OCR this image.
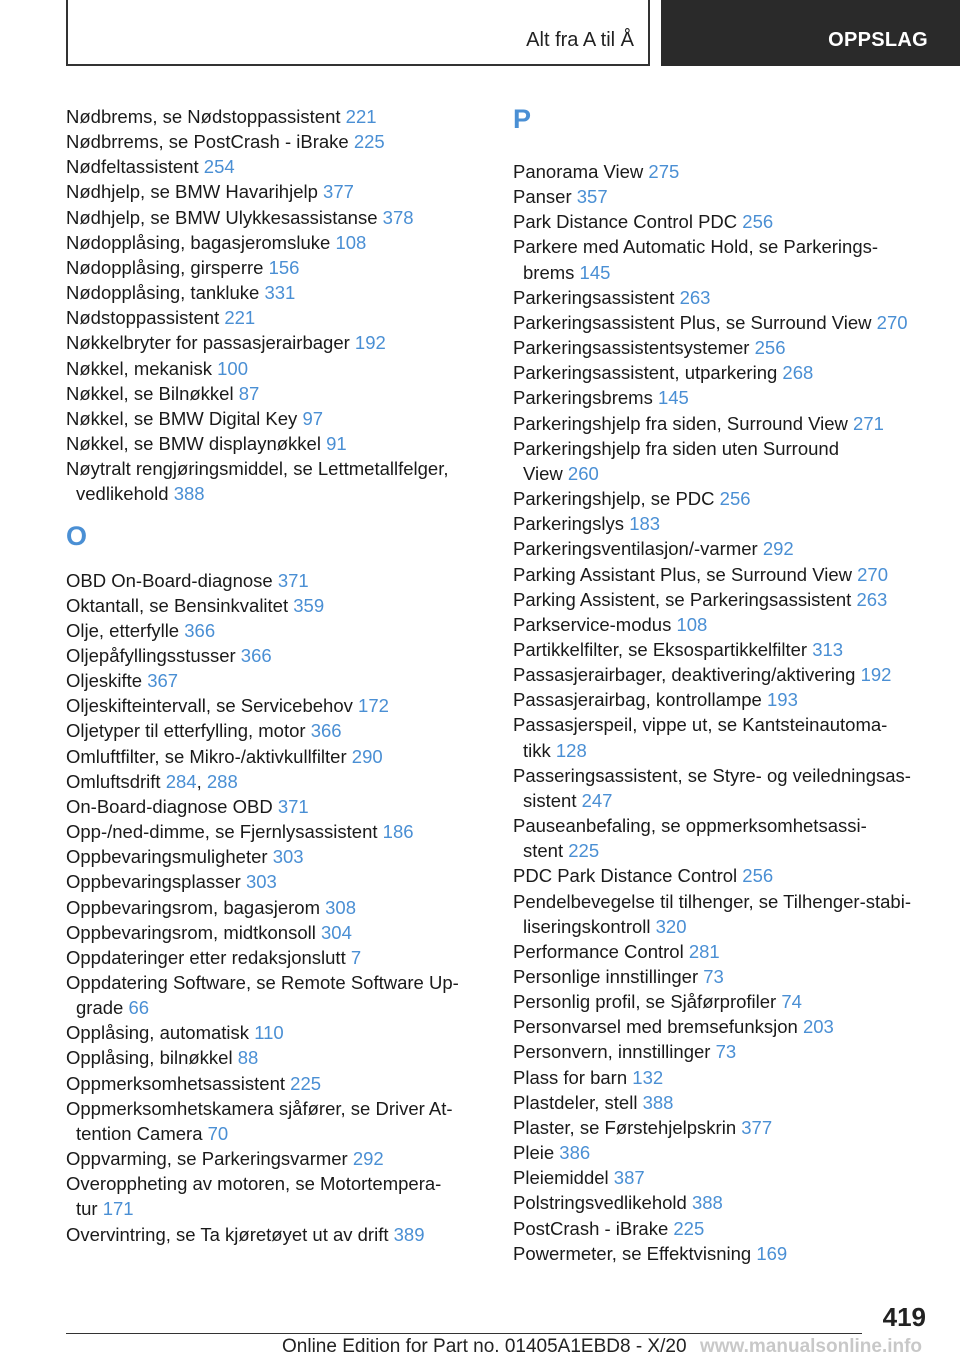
Alt fra A til Å	OPPSLAG
Nødbrems, se Nødstoppassistent 221
Nødbrrems, se PostCrash - iBrake 225
Nødfeltassistent 254
Nødhjelp, se BMW Havarihjelp 377
Nødhjelp, se BMW Ulykkesassistanse 378
Nødopplåsing, bagasjeromsluke 108
Nødopplåsing, girsperre 156
Nødopplåsing, tankluke 331
Nødstoppassistent 221
Nøkkelbryter for passasjerairbager 192
Nøkkel, mekanisk 100
Nøkkel, se Bilnøkkel 87
Nøkkel, se BMW Digital Key 97
Nøkkel, se BMW displaynøkkel 91
Nøytralt rengjøringsmiddel, se Lettmetallfelger,
vedlikehold 388
O
OBD On-Board-diagnose 371
Oktantall, se Bensinkvalitet 359
Olje, etterfylle 366
Oljepåfyllingsstusser 366
Oljeskifte 367
Oljeskifteintervall, se Servicebehov 172
Oljetyper til etterfylling, motor 366
Omluftfilter, se Mikro-/aktivkullfilter 290
Omluftsdrift 284, 288
On-Board-diagnose OBD 371
Opp-/ned-dimme, se Fjernlysassistent 186
Oppbevaringsmuligheter 303
Oppbevaringsplasser 303
Oppbevaringsrom, bagasjerom 308
Oppbevaringsrom, midtkonsoll 304
Oppdateringer etter redaksjonslutt 7
Oppdatering Software, se Remote Software Up‐
grade 66
Opplåsing, automatisk 110
Opplåsing, bilnøkkel 88
Oppmerksomhetsassistent 225
Oppmerksomhetskamera sjåfører, se Driver At‐
tention Camera 70
Oppvarming, se Parkeringsvarmer 292
Overoppheting av motoren, se Motortempera‐
tur 171
Overvintring, se Ta kjøretøyet ut av drift 389
P
Panorama View 275
Panser 357
Park Distance Control PDC 256
Parkere med Automatic Hold, se Parkerings‐
brems 145
Parkeringsassistent 263
Parkeringsassistent Plus, se Surround View 270
Parkeringsassistentsystemer 256
Parkeringsassistent, utparkering 268
Parkeringsbrems 145
Parkeringshjelp fra siden, Surround View 271
Parkeringshjelp fra siden uten Surround
View 260
Parkeringshjelp, se PDC 256
Parkeringslys 183
Parkeringsventilasjon/-varmer 292
Parking Assistant Plus, se Surround View 270
Parking Assistent, se Parkeringsassistent 263
Parkservice-modus 108
Partikkelfilter, se Eksospartikkelfilter 313
Passasjerairbager, deaktivering/aktivering 192
Passasjerairbag, kontrollampe 193
Passasjerspeil, vippe ut, se Kantsteinautoma‐
tikk 128
Passeringsassistent, se Styre- og veiledningsas‐
sistent 247
Pauseanbefaling, se oppmerksomhetsassi‐
stent 225
PDC Park Distance Control 256
Pendelbevegelse til tilhenger, se Tilhenger-stabi‐
liseringskontroll 320
Performance Control 281
Personlige innstillinger 73
Personlig profil, se Sjåførprofiler 74
Personvarsel med bremsefunksjon 203
Personvern, innstillinger 73
Plass for barn 132
Plastdeler, stell 388
Plaster, se Førstehjelpskrin 377
Pleie 386
Pleiemiddel 387
Polstringsvedlikehold 388
PostCrash - iBrake 225
Powermeter, se Effektvisning 169
419
Online Edition for Part no. 01405A1EBD8 - X/20 www.manualsonline.info
